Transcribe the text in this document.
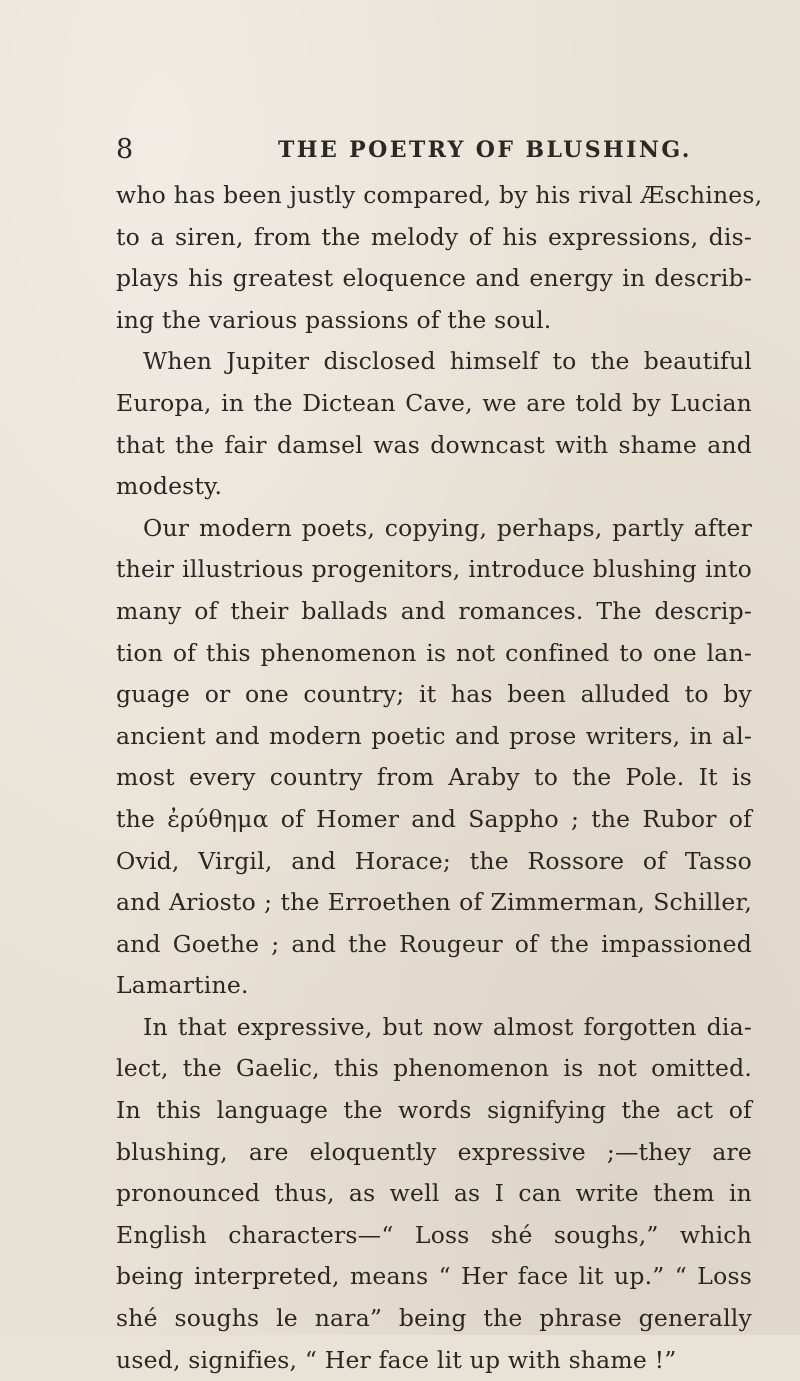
8	THE POETRY OF BLUSHING.
who has been justly compared, by his rival Æschines,
to a siren, from the melody of his expressions, dis-
plays his greatest eloquence and energy in describ-
ing the various passions of the soul.
When Jupiter disclosed himself to the beautiful
Europa, in the Dictean Cave, we are told by Lucian
that the fair damsel was downcast with shame and
modesty.
Our modern poets, copying, perhaps, partly after
their illustrious progenitors, introduce blushing into
many of their ballads and romances. The descrip-
tion of this phenomenon is not confined to one lan-
guage or one country; it has been alluded to by
ancient and modern poetic and prose writers, in al-
most every country from Araby to the Pole. It is
the ἐρύθημα of Homer and Sappho ; the Rubor of
Ovid, Virgil, and Horace; the Rossore of Tasso
and Ariosto ; the Erroethen of Zimmerman, Schiller,
and Goethe ; and the Rougeur of the impassioned
Lamartine.
In that expressive, but now almost forgotten dia-
lect, the Gaelic, this phenomenon is not omitted.
In this language the words signifying the act of
blushing, are eloquently expressive ;—they are
pronounced thus, as well as I can write them in
English characters—“ Loss shé soughs,” which
being interpreted, means “ Her face lit up.” “ Loss
shé soughs le nara” being the phrase generally
used, signifies, “ Her face lit up with shame !”
